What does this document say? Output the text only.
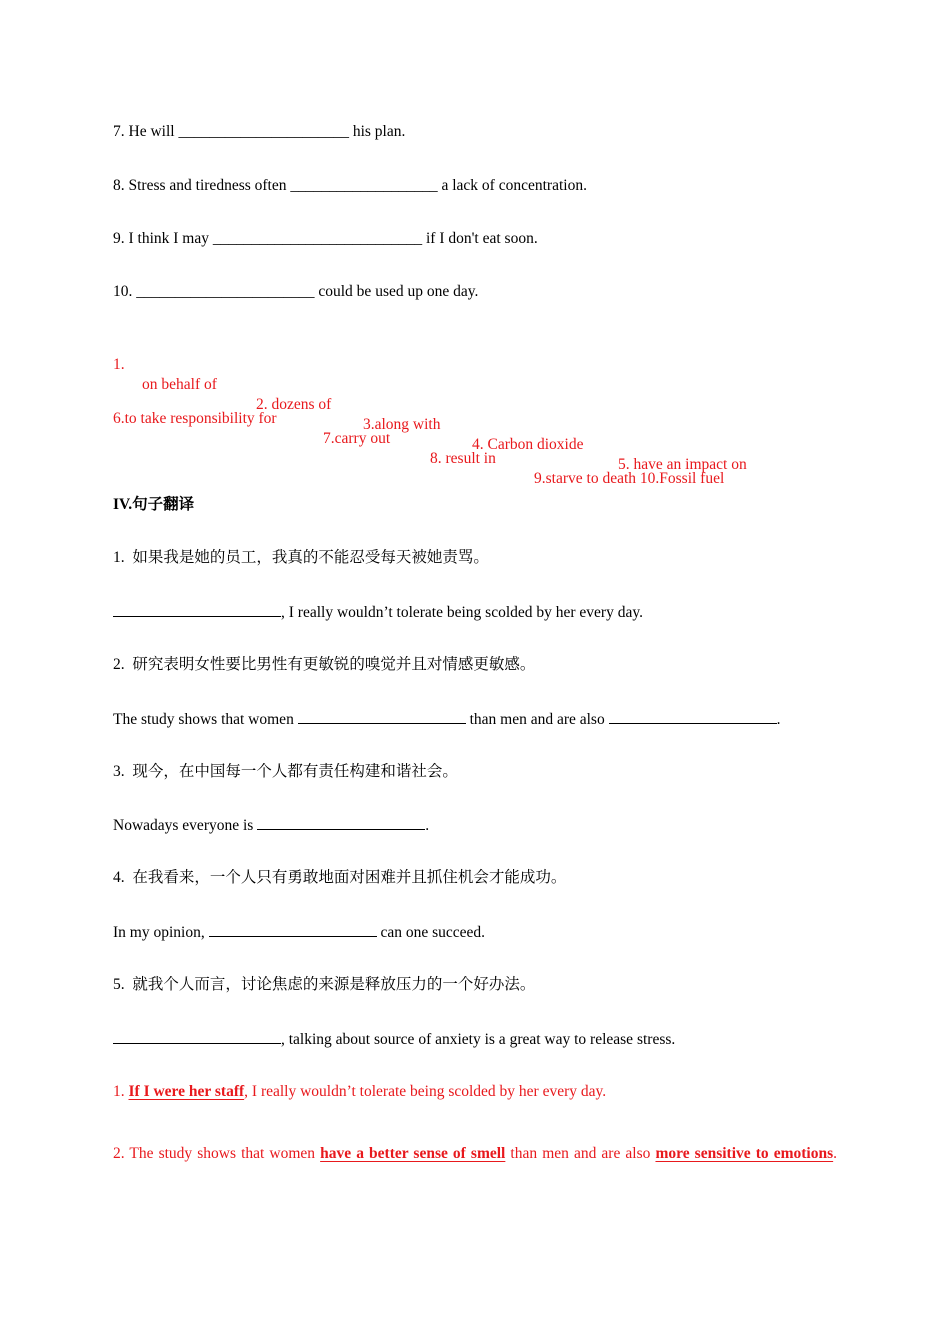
7. He will ______________________ his plan.
8. Stress and tiredness often ___________________ a lack of concentration.
9. I think I may ___________________________ if I don't eat soon.
10. _______________________ could be used up one day.

1.

on behalf of

2. dozens of

3.along with

4. Carbon dioxide

5. have an impact on

6.to take responsibility for

7.carry out

8. result in

9.starve to death 10.Fossil fuel

IV.句子翻译
1.  如果我是她的员工，我真的不能忍受每天被她责骂。
, I really wouldn’t tolerate being scolded by her every day.
2.  研究表明女性要比男性有更敏锐的嗅觉并且对情感更敏感。
The study shows that women	than men and are also	.
3.  现今，在中国每一个人都有责任构建和谐社会。
Nowadays everyone is	.
4.  在我看来，一个人只有勇敢地面对困难并且抓住机会才能成功。
In my opinion,	can one succeed.
5.  就我个人而言，讨论焦虑的来源是释放压力的一个好办法。
, talking about source of anxiety is a great way to release stress.
1. If I were her staff, I really wouldn’t tolerate being scolded by her every day.
2. The study shows that women have a better sense of smell than men and are also more sensitive to emotions.
